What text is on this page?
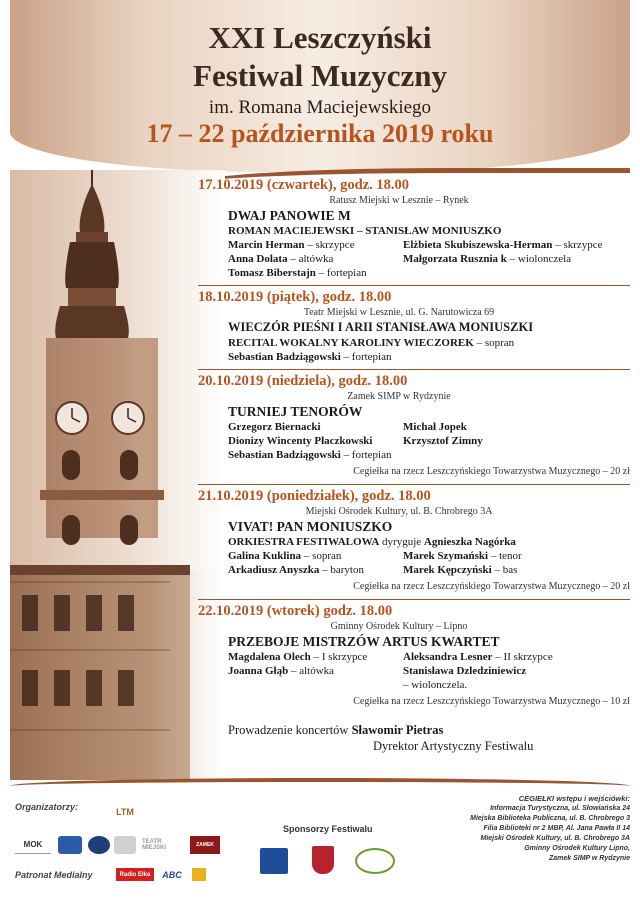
XXI Leszczyński
Festiwal Muzyczny
im. Romana Maciejewskiego
17 – 22 października 2019 roku
17.10.2019 (czwartek), godz. 18.00
Ratusz Miejski w Lesznie – Rynek
DWAJ PANOWIE M
ROMAN MACIEJEWSKI – STANISŁAW MONIUSZKO
Marcin Herman – skrzypce	Elżbieta Skubiszewska-Herman – skrzypce
Anna Dolata – altówka	Małgorzata Rusznia k – wiolonczela
Tomasz Biberstajn – fortepian
18.10.2019 (piątek), godz. 18.00
Teatr Miejski w Lesznie, ul. G. Narutowicza 69
WIECZÓR PIEŚNI I ARII STANISŁAWA MONIUSZKI
RECITAL WOKALNY KAROLINY WIECZOREK – sopran
Sebastian Badziągowski – fortepian
20.10.2019 (niedziela), godz. 18.00
Zamek SIMP w Rydzynie
TURNIEJ TENORÓW
Grzegorz Biernacki	Michał Jopek
Dionizy Wincenty Płaczkowski	Krzysztof Zimny
Sebastian Badziągowski – fortepian
Cegiełka na rzecz Leszczyńskiego Towarzystwa Muzycznego – 20 zł
21.10.2019 (poniedziałek), godz. 18.00
Miejski Ośrodek Kultury, ul. B. Chrobrego 3A
VIVAT! PAN MONIUSZKO
ORKIESTRA FESTIWALOWA dyryguje Agnieszka Nagórka
Galina Kuklina – sopran	Marek Szymański – tenor
Arkadiusz Anyszka – baryton	Marek Kępczyński – bas
Cegiełka na rzecz Leszczyńskiego Towarzystwa Muzycznego – 20 zł
22.10.2019 (wtorek) godz. 18.00
Gminny Ośrodek Kultury – Lipno
PRZEBOJE MISTRZÓW ARTUS KWARTET
Magdalena Olech – I skrzypce	Aleksandra Lesner – II skrzypce
Joanna Głąb – altówka	Stanisława Dzledziniewicz
– wiolonczela.
Cegiełka na rzecz Leszczyńskiego Towarzystwa Muzycznego – 10 zł
Prowadzenie koncertów Sławomir Pietras
Dyrektor Artystyczny Festiwalu
Organizatorzy:	LTM
MOK	TEATR MIEJSKI	ZAMEK
Patronat Medialny	Radio Elka ABC
Sponsorzy Festiwalu
CEGIEŁKI wstępu i wejściówki:
Informacja Turystyczna, ul. Słowiańska 24
Miejska Biblioteka Publiczna, ul. B. Chrobrego 3
Filia Biblioteki nr 2 MBP, Al. Jana Pawła II 14
Miejski Ośrodek Kultury, ul. B. Chrobrego 3A
Gminny Ośrodek Kultury Lipno,
Zamek SIMP w Rydzynie
